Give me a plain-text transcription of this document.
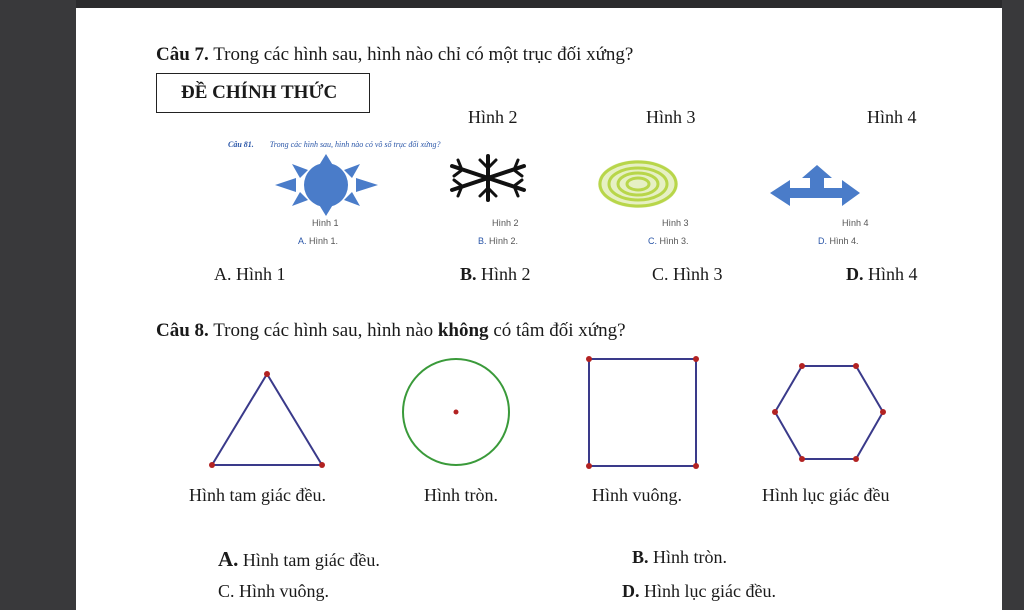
Câu 7. Trong các hình sau, hình nào chỉ có một trục đối xứng?
ĐỀ CHÍNH THỨC
Hình 2	Hình 3	Hình 4
Câu 81. Trong các hình sau, hình nào có vô số trục đối xứng?
Hình 1	Hình 2	Hình 3	Hình 4
A. Hình 1.	B. Hình 2.	C. Hình 3.	D. Hình 4.
A. Hình 1	B. Hình 2	C. Hình 3	D. Hình 4
Câu 8. Trong các hình sau, hình nào không có tâm đối xứng?
Hình tam giác đều.	Hình tròn.	Hình vuông.	Hình lục giác đều
A. Hình tam giác đều.	B. Hình tròn.
C. Hình vuông.	D. Hình lục giác đều.
